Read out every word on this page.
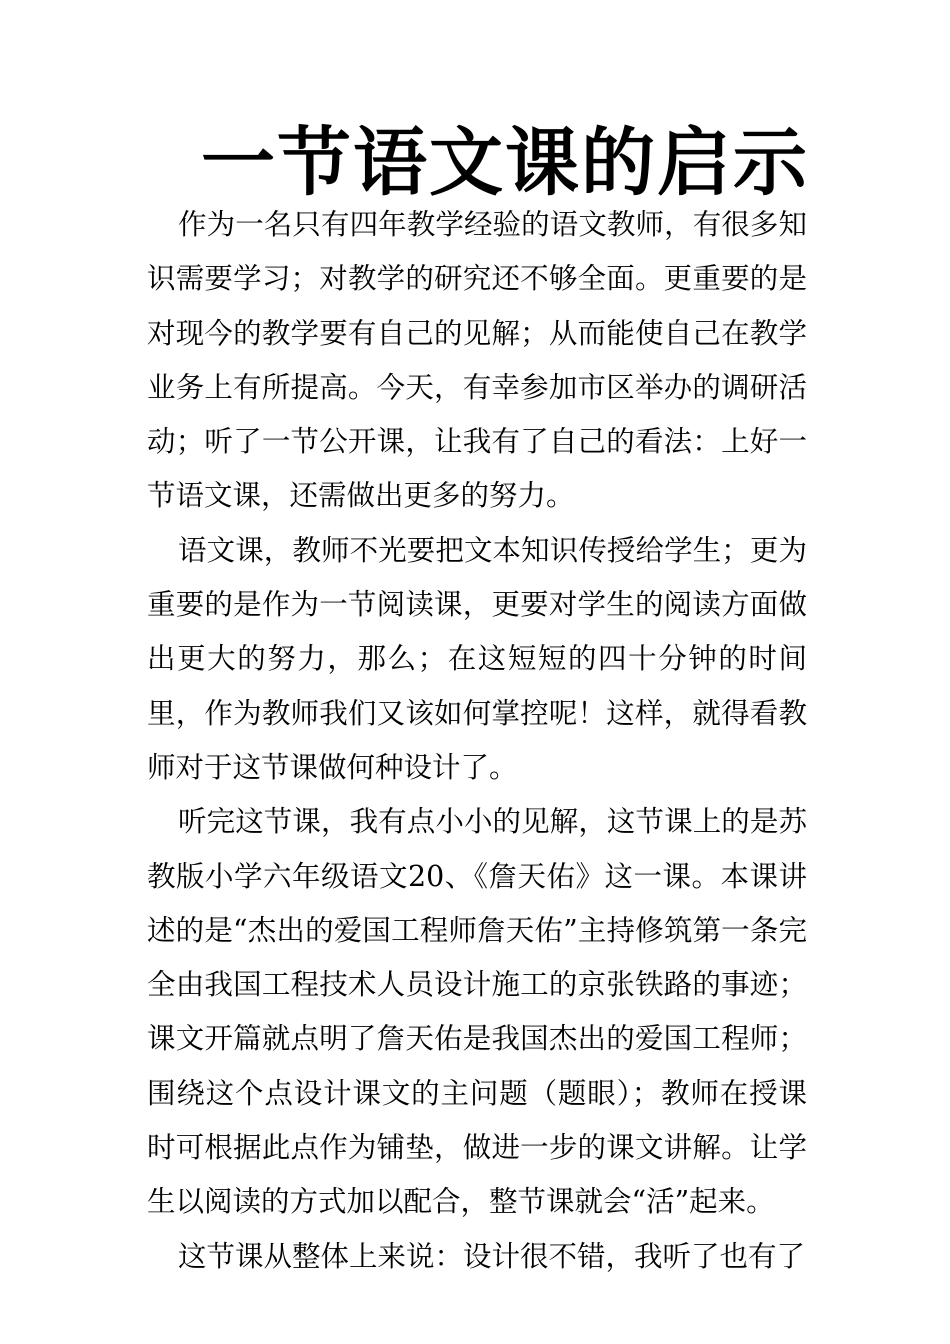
一节语文课的启示

作为一名只有四年教学经验的语文教师，有很多知识需要学习；对教学的研究还不够全面。更重要的是对现今的教学要有自己的见解；从而能使自己在教学业务上有所提高。今天，有幸参加市区举办的调研活动；听了一节公开课，让我有了自己的看法：上好一节语文课，还需做出更多的努力。

语文课，教师不光要把文本知识传授给学生；更为重要的是作为一节阅读课，更要对学生的阅读方面做出更大的努力，那么；在这短短的四十分钟的时间里，作为教师我们又该如何掌控呢！这样，就得看教师对于这节课做何种设计了。

听完这节课，我有点小小的见解，这节课上的是苏教版小学六年级语文20、《詹天佑》这一课。本课讲述的是“杰出的爱国工程师詹天佑”主持修筑第一条完全由我国工程技术人员设计施工的京张铁路的事迹；课文开篇就点明了詹天佑是我国杰出的爱国工程师；围绕这个点设计课文的主问题（题眼）；教师在授课时可根据此点作为铺垫，做进一步的课文讲解。让学生以阅读的方式加以配合，整节课就会“活”起来。

这节课从整体上来说：设计很不错，我听了也有了
